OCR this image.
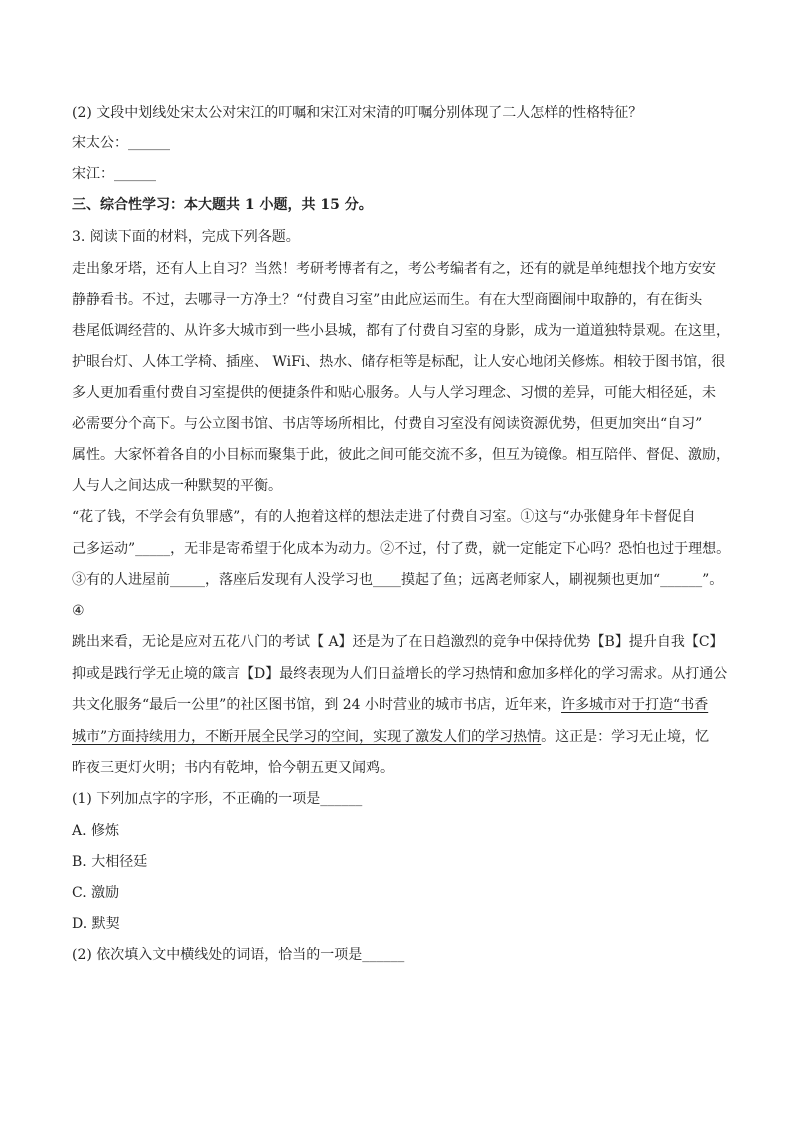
(2) 文段中划线处宋太公对宋江的叮嘱和宋江对宋清的叮嘱分别体现了二人怎样的性格特征？
宋太公：______
宋江：______
三、综合性学习：本大题共 1 小题，共 15 分。
3. 阅读下面的材料，完成下列各题。
走出象牙塔，还有人上自习？当然！考研考博者有之，考公考编者有之，还有的就是单纯想找个地方安安
静静看书。不过，去哪寻一方净土？“付费自习室”由此应运而生。有在大型商圈闹中取静的，有在街头
巷尾低调经营的、从许多大城市到一些小县城，都有了付费自习室的身影，成为一道道独特景观。在这里，
护眼台灯、人体工学椅、插座、 WiFi、热水、储存柜等是标配，让人安心地闭关修炼。相较于图书馆，很
多人更加看重付费自习室提供的便捷条件和贴心服务。人与人学习理念、习惯的差异，可能大相径延，未
必需要分个高下。与公立图书馆、书店等场所相比，付费自习室没有阅读资源优势，但更加突出“自习”
属性。大家怀着各自的小目标而聚集于此，彼此之间可能交流不多，但互为镜像。相互陪伴、督促、激励，
人与人之间达成一种默契的平衡。
“花了钱，不学会有负罪感”，有的人抱着这样的想法走进了付费自习室。①这与“办张健身年卡督促自
己多运动”_____，无非是寄希望于化成本为动力。②不过，付了费，就一定能定下心吗？恐怕也过于理想。
③有的人进屋前_____，落座后发现有人没学习也____摸起了鱼；远离老师家人，刷视频也更加“______”。
④
跳出来看，无论是应对五花八门的考试【 A】还是为了在日趋激烈的竞争中保持优势【B】提升自我【C】
抑或是践行学无止境的箴言【D】最终表现为人们日益增长的学习热情和愈加多样化的学习需求。从打通公
共文化服务“最后一公里”的社区图书馆，到 24 小时营业的城市书店，近年来，许多城市对于打造“书香
城市”方面持续用力，不断开展全民学习的空间，实现了激发人们的学习热情。这正是：学习无止境，忆
昨夜三更灯火明；书内有乾坤，恰今朝五更又闻鸡。
(1) 下列加点字的字形，不正确的一项是______
A. 修炼
B. 大相径廷
C. 激励
D. 默契
(2) 依次填入文中横线处的词语，恰当的一项是______
